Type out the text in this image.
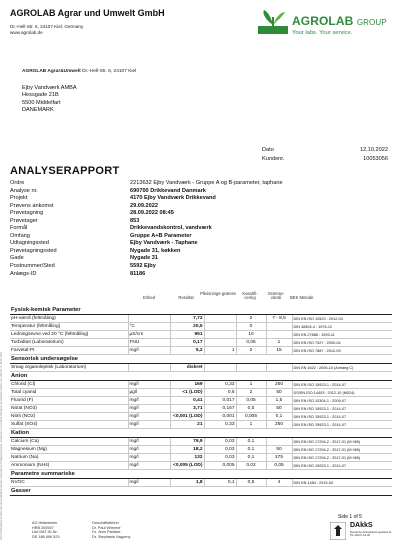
AGROLAB Agrar und Umwelt GmbH
Dr.-Hell-Str. 6, 24107 Kiel, Germany
www.agrolab.de
AGROLAB GROUP
Your labs. Your service.
AGROLAB Agrar&Umwelt Dr.-Hell-Str. 6, 24107 Kiel
Ejby Vandværk AMBA
Hessgade 21B
5500 Middelfart
DANEMARK
Dato	12.10.2022
Kundenr.	10053056
ANALYSERAPPORT
Ordre	2213632 Ejby Vandværk - Gruppe A og B-parameter, taphane
Analyse nr.	690700 Drikkevand Danmark
Projekt	4170 Ejby Vandværk Drikkevand
Prøvens ankomst	29.09.2022
Prøvetagning	28.09.2022 08:45
Prøvetager	853
Formål	Drikkevandskontrol, vandværk
Omfang	Gruppe A+B Parameter
Udtagningssted	Ejby Vandværk - Taphane
Prøvetagningssted	Nygade 31, køkken
Gade	Nygade 31
Postnummer/Sted	5592 Ejby
Anlægs-ID	81186
Enhed	Resultat
Påvisnings-grænse	Kvantifi-cering
Grænse-værdi	BEK Metode
Fysisk-kemisk Parameter						
pH-værdi (feltmåling)		7,72		2	7 - 8,5	DIN EN ISO 10523 : 2012-04
Temperatur (feltmåling)	°C	20,5		0		DIN 38404-4 : 1976-12
Ledningsevne ved 20 °C (feltmåling)	µS/cm	951		10		DIN EN 27888 : 1993-11
Turbiditet (Laboratorium)	FNU	0,17		0,05	1	DIN EN ISO 7027 : 2000-04
Farvetal-Pt	mg/l	5,2	1	2	15	DIN EN ISO 7887 : 2012-09
Sensorisk undersøgelse						
Smag organoleptisk (Laboratorium)		diskret				DIN EN 1622 : 2006-10 (Anhang C)
Anion						
Chlorid (Cl)	mg/l	169	0,33	1	250	DIN EN ISO 15923-1 : 2014-07
Total cyanid	µg/l	<1 (LOD)	0,6	2	50	DS/EN ISO 14403 : 2012-10 (M024)
Fluorid (F)	mg/l	0,41	0,017	0,05	1,5	DIN EN ISO 10304-1 : 2009-07
Nitrat (NO3)	mg/l	3,71	0,167	0,5	50	DIN EN ISO 15923-1 : 2014-07
Nitrit (NO2)	mg/l	<0,001 (LOD)	0,001	0,005	0,1	DIN EN ISO 15923-1 : 2014-07
Sulfat (SO4)	mg/l	21	0,33	1	250	DIN EN ISO 15923-1 : 2014-07
Kation						
Calcium (Ca)	mg/l	79,9	0,03	0,1		DIN EN ISO 17294-2 : 2017-01 (M 069)
Magnesium (Mg)	mg/l	18,2	0,03	0,1	50	DIN EN ISO 17294-2 : 2017-01 (M 069)
Natrium (Na)	mg/l	132	0,03	0,1	175	DIN EN ISO 17294-2 : 2017-01 (M 069)
Ammonium (NH4)	mg/l	<0,005 (LOD)	0,005	0,02	0,05	DIN EN ISO 15923-1 : 2014-07
Parametre summariske						
NVOC	mg/l	1,8	0,1	0,5	4	DIN EN 1484 : 2019-04
Gasser						
Das Prüfergebnis bezieht sich ausschließlich auf die untersuchten Prüfgegenstände. Dokument von AGROLAB Agrar und Umwelt GmbH, Dr.-Hell-Str. 6, 24107 Kiel	Side 1 of 5
AG Hildesheim
HRB 200557
Ust./VAT-ID-Nr:
DE 188 696 523
Geschäftsführer
Dr. Paul Wimmer
Dr. Jens Padicke
Dr. Stephanie Nagorny
DAkkS
Deutsche Akkreditierungsstelle D-PL-14047-01-00
